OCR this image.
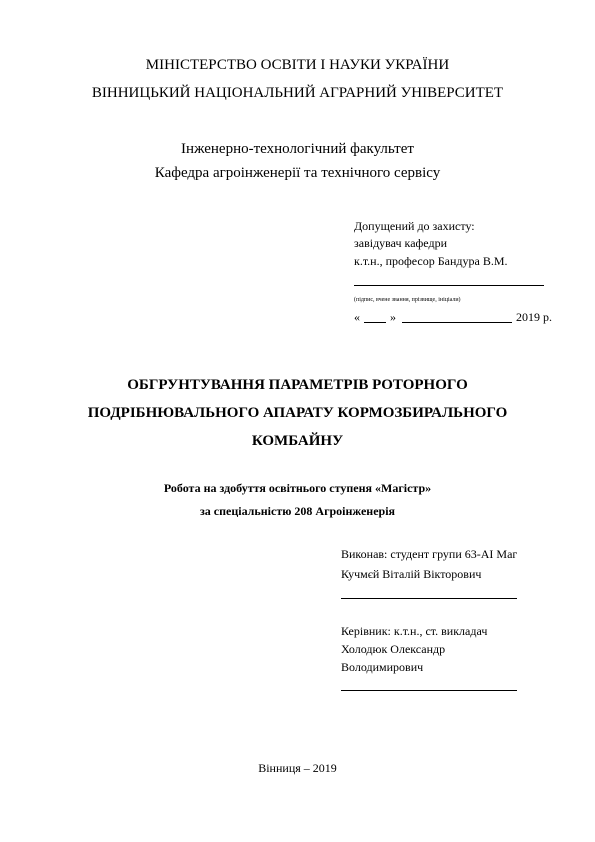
МІНІСТЕРСТВО ОСВІТИ І НАУКИ УКРАЇНИ
ВІННИЦЬКИЙ НАЦІОНАЛЬНИЙ АГРАРНИЙ УНІВЕРСИТЕТ
Інженерно-технологічний факультет
Кафедра агроінженерії та технічного сервісу
Допущений до захисту:
завідувач кафедри
к.т.н., професор Бандура В.М.
(підпис, вчене звання, прізвище, ініціали)
«	»	2019 р.
ОБГРУНТУВАННЯ ПАРАМЕТРІВ РОТОРНОГО
ПОДРІБНЮВАЛЬНОГО АПАРАТУ КОРМОЗБИРАЛЬНОГО
КОМБАЙНУ
Робота на здобуття освітнього ступеня «Магістр»
за спеціальністю 208 Агроінженерія
Виконав: студент групи 63-АІ Маг
Кучмєй Віталій Вікторович
Керівник: к.т.н., ст. викладач
Холодюк Олександр
Володимирович
Вінниця – 2019
